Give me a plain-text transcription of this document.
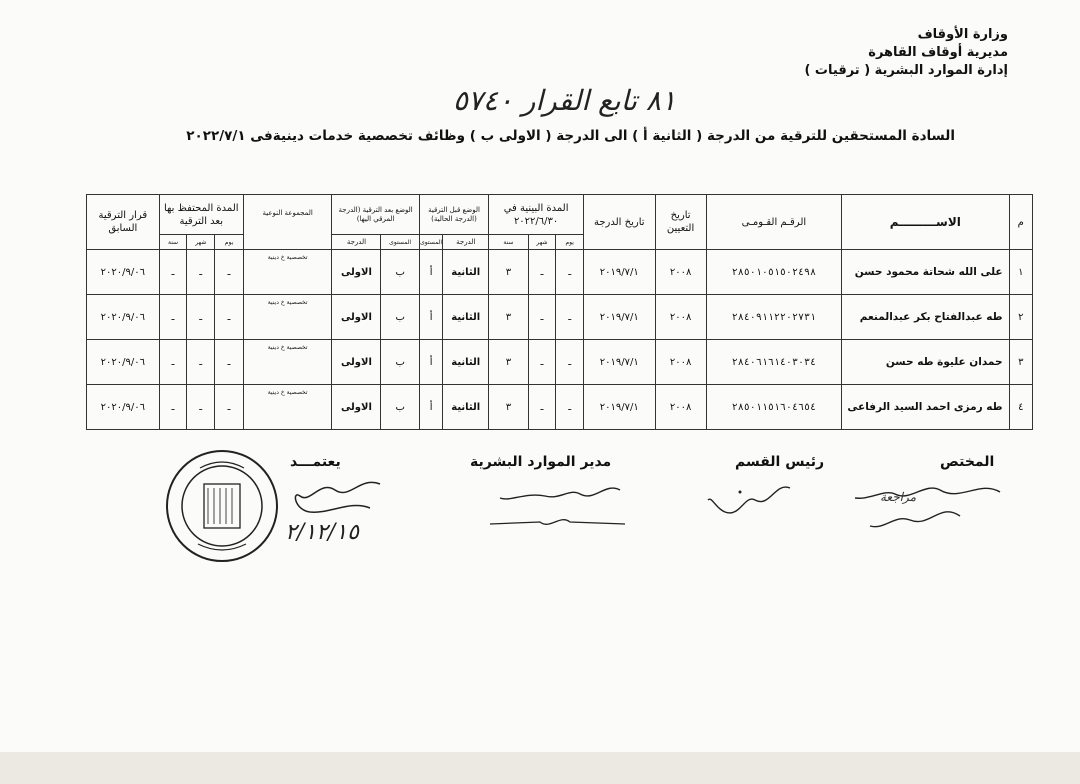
وزارة الأوقاف
مديرية أوقاف القاهرة
إدارة الموارد البشرية ( ترقيات )
٨١ تابع القرار ٥٧٤٠
السادة المستحقين للترقية من الدرجة ( الثانية أ ) الى الدرجة ( الاولى ب ) وظائف تخصصية خدمات دينيةفى ٢٠٢٢/٧/١
م	الاســـــــــم	الرقـم القـومـى	تاريخ التعيين	تاريخ الدرجة	المدة البينية في ٢٠٢٢/٦/٣٠			الوضع قبل الترقية (الدرجة الحالية)		الوضع بعد الترقية (الدرجة المرقي اليها)		المجموعة النوعية	المدة المحتفظ بها بعد الترقية			قرار الترقية السابق
					يوم	شهر	سنة	الدرجة	المستوى	المستوى	الدرجة		يوم	شهر	سنة	
١	على الله شحاتة محمود حسن	٢٨٥٠١٠٥١٥٠٢٤٩٨	٢٠٠٨	٢٠١٩/٧/١	ـ	ـ	٣	الثانية	أ	ب	الاولى	تخصصية خ دينية	ـ	ـ	ـ	٢٠٢٠/٩/٠٦
٢	طه عبدالفتاح بكر عبدالمنعم	٢٨٤٠٩١١٢٢٠٢٧٣١	٢٠٠٨	٢٠١٩/٧/١	ـ	ـ	٣	الثانية	أ	ب	الاولى	تخصصية خ دينية	ـ	ـ	ـ	٢٠٢٠/٩/٠٦
٣	حمدان عليوة طه حسن	٢٨٤٠٦١٦١٤٠٣٠٣٤	٢٠٠٨	٢٠١٩/٧/١	ـ	ـ	٣	الثانية	أ	ب	الاولى	تخصصية خ دينية	ـ	ـ	ـ	٢٠٢٠/٩/٠٦
٤	طه رمزى احمد السيد الرفاعى	٢٨٥٠١١٥١٦٠٤٦٥٤	٢٠٠٨	٢٠١٩/٧/١	ـ	ـ	٣	الثانية	أ	ب	الاولى	تخصصية خ دينية	ـ	ـ	ـ	٢٠٢٠/٩/٠٦
المختص
رئيس القسم
مدير الموارد البشرية
يعتمـــد
مراجعة
٢/١٢/١٥
